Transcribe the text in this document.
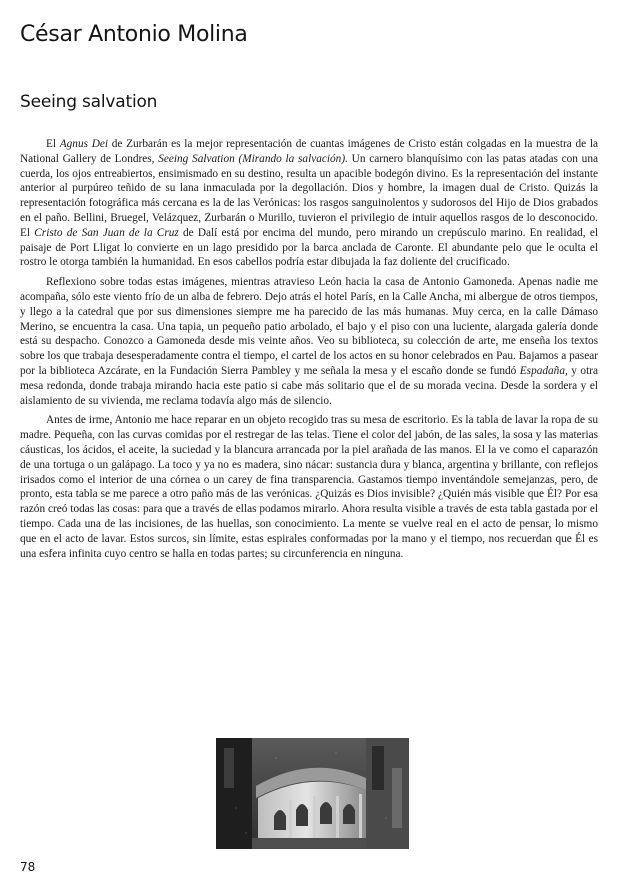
César Antonio Molina
Seeing salvation

El Agnus Dei de Zurbarán es la mejor representación de cuantas imágenes de Cristo están colgadas en la muestra de la National Gallery de Londres, Seeing Salvation (Mirando la salvación). Un carnero blanquísimo con las patas atadas con una cuerda, los ojos entreabiertos, ensimismado en su destino, resulta un apacible bodegón divino. Es la representación del instante anterior al purpúreo teñido de su lana inmaculada por la degollación. Dios y hombre, la imagen dual de Cristo. Quizás la representación fotográfica más cercana es la de las Verónicas: los rasgos sanguinolentos y sudorosos del Hijo de Dios grabados en el paño. Bellini, Bruegel, Velázquez, Zurbarán o Murillo, tuvieron el privilegio de intuir aquellos rasgos de lo desconocido. El Cristo de San Juan de la Cruz de Dalí está por encima del mundo, pero mirando un crepúsculo marino. En realidad, el paisaje de Port Lligat lo convierte en un lago presidido por la barca anclada de Caronte. El abundante pelo que le oculta el rostro le otorga también la humanidad. En esos cabellos podría estar dibujada la faz doliente del crucificado.

Reflexiono sobre todas estas imágenes, mientras atravieso León hacia la casa de Antonio Gamoneda. Apenas nadie me acompaña, sólo este viento frío de un alba de febrero. Dejo atrás el hotel París, en la Calle Ancha, mi albergue de otros tiempos, y llego a la catedral que por sus dimensiones siempre me ha parecido de las más humanas. Muy cerca, en la calle Dámaso Merino, se encuentra la casa. Una tapia, un pequeño patio arbolado, el bajo y el piso con una luciente, alargada galería donde está su despacho. Conozco a Gamoneda desde mis veinte años. Veo su biblioteca, su colección de arte, me enseña los textos sobre los que trabaja desesperadamente contra el tiempo, el cartel de los actos en su honor celebrados en Pau. Bajamos a pasear por la biblioteca Azcárate, en la Fundación Sierra Pambley y me señala la mesa y el escaño donde se fundó Espadaña, y otra mesa redonda, donde trabaja mirando hacia este patio si cabe más solitario que el de su morada vecina. Desde la sordera y el aislamiento de su vivienda, me reclama todavía algo más de silencio.

Antes de irme, Antonio me hace reparar en un objeto recogido tras su mesa de escritorio. Es la tabla de lavar la ropa de su madre. Pequeña, con las curvas comidas por el restregar de las telas. Tiene el color del jabón, de las sales, la sosa y las materias cáusticas, los ácidos, el aceite, la suciedad y la blancura arrancada por la piel arañada de las manos. El la ve como el caparazón de una tortuga o un galápago. La toco y ya no es madera, sino nácar: sustancia dura y blanca, argentina y brillante, con reflejos irisados como el interior de una córnea o un carey de fina transparencia. Gastamos tiempo inventándole semejanzas, pero, de pronto, esta tabla se me parece a otro paño más de las verónicas. ¿Quizás es Dios invisible? ¿Quién más visible que Él? Por esa razón creó todas las cosas: para que a través de ellas podamos mirarlo. Ahora resulta visible a través de esta tabla gastada por el tiempo. Cada una de las incisiones, de las huellas, son conocimiento. La mente se vuelve real en el acto de pensar, lo mismo que en el acto de lavar. Estos surcos, sin límite, estas espirales conformadas por la mano y el tiempo, nos recuerdan que Él es una esfera infinita cuyo centro se halla en todas partes; su circunferencia en ninguna.

78
